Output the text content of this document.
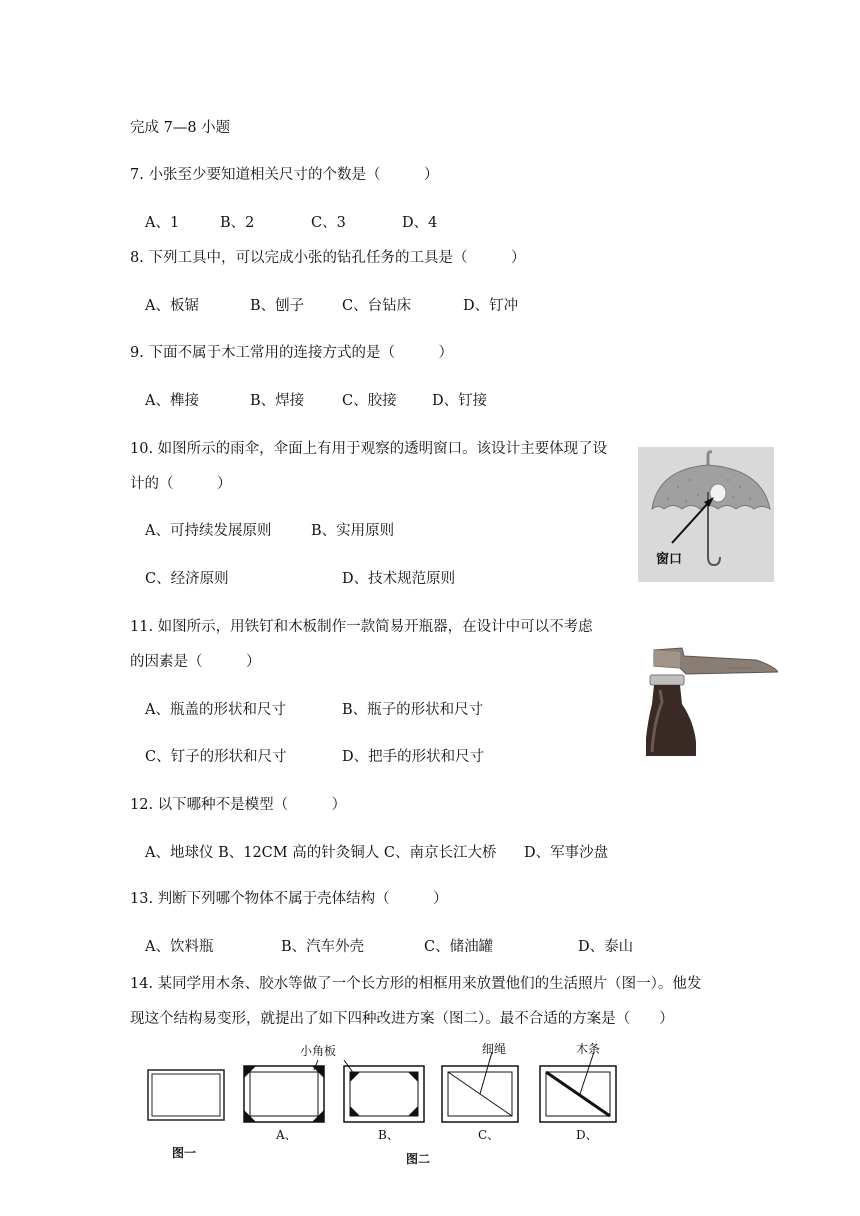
完成 7—8 小题
7. 小张至少要知道相关尺寸的个数是（　　　）
A、1	B、2	C、3	D、4
8. 下列工具中，可以完成小张的钻孔任务的工具是（　　　）
A、板锯	B、刨子	C、台钻床	D、钉冲
9. 下面不属于木工常用的连接方式的是（　　　）
A、榫接	B、焊接	C、胶接 D、钉接
10. 如图所示的雨伞，伞面上有用于观察的透明窗口。该设计主要体现了设
计的（　　　）
A、可持续发展原则	B、实用原则
C、经济原则	D、技术规范原则
窗口
11. 如图所示，用铁钉和木板制作一款简易开瓶器，在设计中可以不考虑
的因素是（　　　）
A、瓶盖的形状和尺寸	B、瓶子的形状和尺寸
C、钉子的形状和尺寸	D、把手的形状和尺寸
~~~~~~
12. 以下哪种不是模型（　　　）
A、地球仪 B、12CM 高的针灸铜人 C、南京长江大桥 D、军事沙盘
13. 判断下列哪个物体不属于壳体结构（　　　）
A、饮料瓶	B、汽车外壳	C、储油罐	D、泰山
14. 某同学用木条、胶水等做了一个长方形的相框用来放置他们的生活照片（图一）。他发
现这个结构易变形，就提出了如下四种改进方案（图二）。最不合适的方案是（　　）
小角板	细绳	木条
A、	B、	C、	D、
图一	图二
